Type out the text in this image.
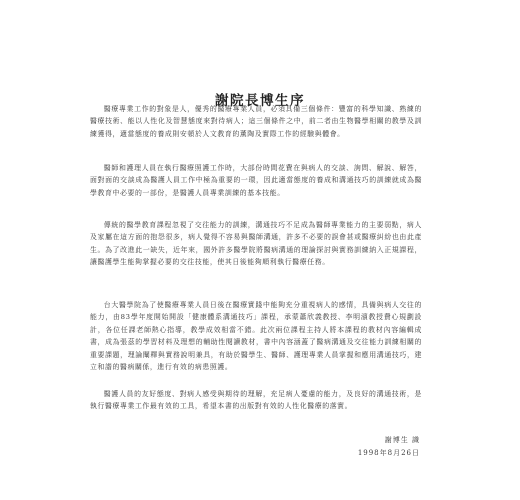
謝院長博生序

醫療專業工作的對象是人，優秀的醫療專業人員，必須具備三個條件：豐富的科學知識、熟練的醫療技術、能以人性化及智慧態度來對待病人；這三個條件之中，前二者由生物醫學相關的教學及訓練獲得，適當態度的養成則安頓於人文教育的薰陶及實際工作的經驗與體會。

醫師和護理人員在執行醫療照護工作時，大部份時間花費在與病人的交談、詢問、解說、解答，面對面的交談成為醫護人員工作中極為重要的一環，因此適當態度的養成和溝通技巧的訓練就成為醫學教育中必要的一部份，是醫護人員專業訓練的基本技能。

傳統的醫學教育課程忽視了交往能力的訓練，溝通技巧不足成為醫師專業能力的主要弱點，病人及家屬在這方面的抱怨很多，病人覺得不容易與醫師溝通，許多不必要的誤會甚或醫療糾紛也由此產生。為了改進此一缺失，近年來，國外許多醫學院將醫病溝通的理論探討與實務訓練納入正規課程，讓醫護學生能夠掌握必要的交往技能，使其日後能夠順利執行醫療任務。

台大醫學院為了使醫療專業人員日後在醫療實踐中能夠充分重視病人的感情，具備與病人交往的能力，由83學年度開始開設「健康體系溝通技巧」課程，承蒙蕭欣義教授、李明濱教授費心規劃設計，各位任課老師熱心指導，教學成效相當不錯。此次兩位課程主持人將本課程的教材內容編輯成書，成為張茲的學習材料及理想的輔助性閱讀教材，書中內容涵蓋了醫病溝通及交往能力訓練相關的重要課題，理論闡釋與實務說明兼具，有助於醫學生、醫師、護理專業人員掌握和應用溝通技巧，建立和諧的醫病關係，進行有效的病患照護。

醫護人員的友好態度、對病人感受與期待的理解，充足病人憂慮的能力，及良好的溝通技術，是執行醫療專業工作最有效的工具，希望本書的出版對有效的人性化醫療的落實。

謝博生 識
1998年8月26日
